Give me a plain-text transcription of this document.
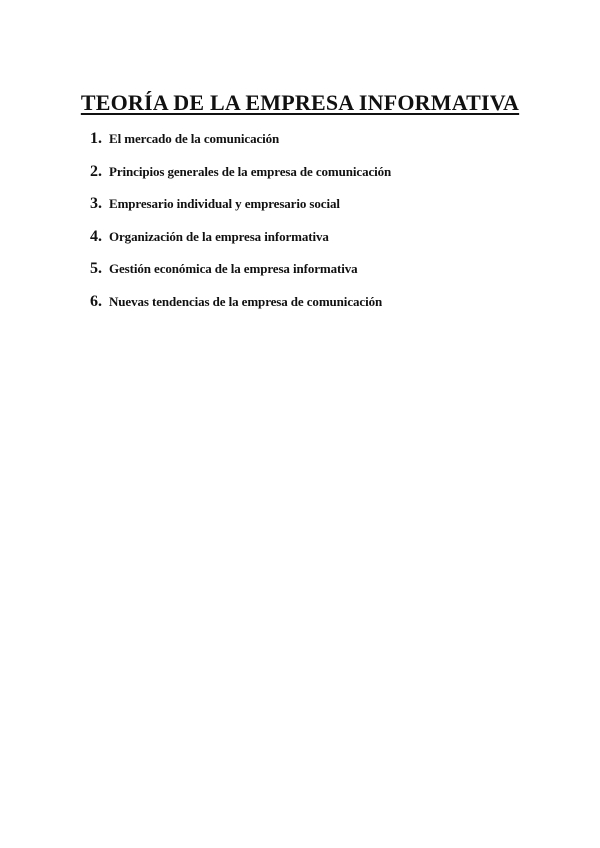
TEORÍA DE LA EMPRESA INFORMATIVA
1. El mercado de la comunicación
2. Principios generales de la empresa de comunicación
3. Empresario individual y empresario social
4. Organización de la empresa informativa
5. Gestión económica de la empresa informativa
6. Nuevas tendencias de la empresa de comunicación
